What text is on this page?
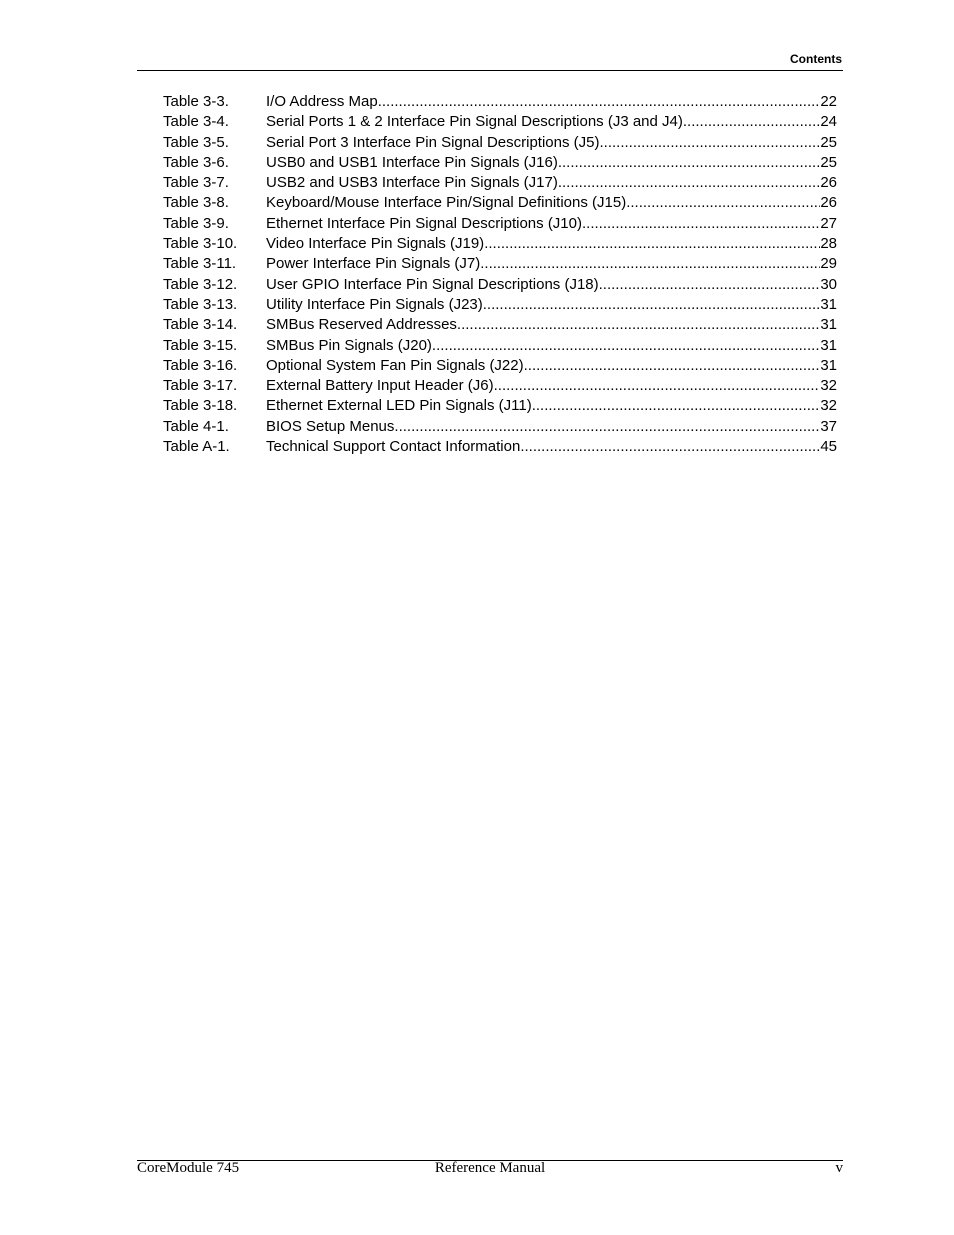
Contents
Table 3-3.	I/O Address Map .....	22
Table 3-4.	Serial Ports 1 & 2 Interface Pin Signal Descriptions (J3 and J4) .....	24
Table 3-5.	Serial Port 3 Interface Pin Signal Descriptions (J5) .....	25
Table 3-6.	USB0 and USB1 Interface Pin Signals (J16) .....	25
Table 3-7.	USB2 and USB3 Interface Pin Signals (J17) .....	26
Table 3-8.	Keyboard/Mouse Interface Pin/Signal Definitions (J15) .....	26
Table 3-9.	Ethernet Interface Pin Signal Descriptions (J10) .....	27
Table 3-10.	Video Interface Pin Signals (J19) .....	28
Table 3-11.	Power Interface Pin Signals (J7) .....	29
Table 3-12.	User GPIO Interface Pin Signal Descriptions (J18) .....	30
Table 3-13.	Utility Interface Pin Signals (J23) .....	31
Table 3-14.	SMBus Reserved Addresses .....	31
Table 3-15.	SMBus Pin Signals (J20) .....	31
Table 3-16.	Optional System Fan Pin Signals (J22) .....	31
Table 3-17.	External Battery Input Header (J6) .....	32
Table 3-18.	Ethernet External LED Pin Signals (J11) .....	32
Table 4-1.	BIOS Setup Menus .....	37
Table A-1.	Technical Support Contact Information .....	45
CoreModule 745	Reference Manual	v
